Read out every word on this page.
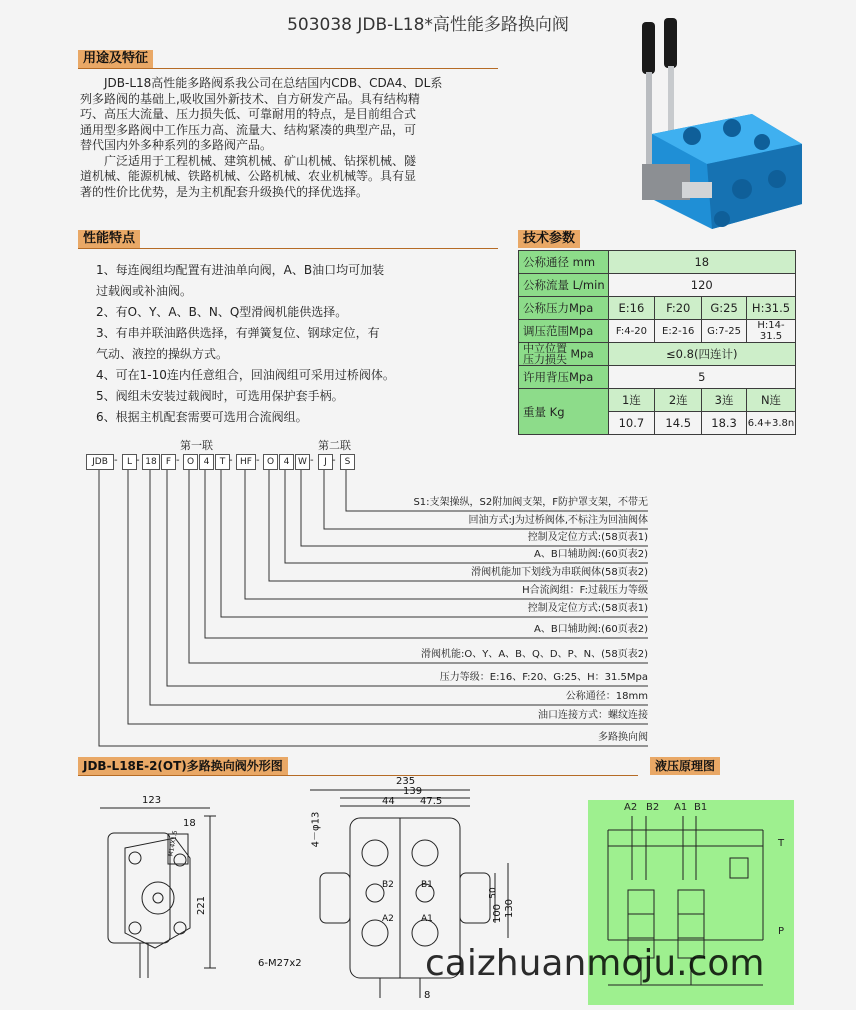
503038 JDB-L18*高性能多路换向阀
用途及特征
　　JDB-L18高性能多路阀系我公司在总结国内CDB、CDA4、DL系
列多路阀的基础上,吸收国外新技术、自方研发产品。具有结构精
巧、高压大流量、压力损失低、可靠耐用的特点，是目前组合式
通用型多路阀中工作压力高、流量大、结构紧凑的典型产品，可
替代国内外多种系列的多路阀产品。
　　广泛适用于工程机械、建筑机械、矿山机械、钻探机械、隧
道机械、能源机械、铁路机械、公路机械、农业机械等。具有显
著的性价比优势，是为主机配套升级换代的择优选择。
性能特点
1、每连阀组均配置有进油单向阀，A、B油口均可加装
过载阀或补油阀。
2、有O、Y、A、B、N、Q型滑阀机能供选择。
3、有串并联油路供选择，有弹簧复位、钢球定位，有
气动、液控的操纵方式。
4、可在1-10连内任意组合，回油阀组可采用过桥阀体。
5、阀组未安装过载阀时，可选用保护套手柄。
6、根据主机配套需要可选用合流阀组。
技术参数
公称通径 mm	18			
公称流量 L/min	120			
公称压力Mpa	E:16	F:20	G:25	H:31.5
调压范围Mpa	F:4-20	E:2-16	G:7-25	H:14-31.5
中立位置
压力损失 Mpa	≤0.8(四连计)			
许用背压Mpa	5			
重量 Kg	1连	2连	3连	N连
	10.7	14.5	18.3	6.4+3.8n
第一联	第二联
JDB -	L - 18	F - O	4	T - HF - O	4 W -	J -	S
S1:支架操纵，S2附加阀支架，F防护罩支架，不带无
回油方式:J为过桥阀体,不标注为回油阀体
控制及定位方式:(58页表1)
A、B口辅助阀:(60页表2)
滑阀机能加下划线为串联阀体(58页表2)
H合流阀组：F:过载压力等级
控制及定位方式:(58页表1)
A、B口辅助阀:(60页表2)
滑阀机能:O、Y、A、B、Q、D、P、N、(58页表2)
压力等级：E:16、F:20、G:25、H：31.5Mpa
公称通径：18mm
油口连接方式：螺纹连接
多路换向阀
JDB-L18E-2(OT)多路换向阀外形图
123
18
221
235
139
44	47.5
4－φ13
100 130
50
6-M27x2
8
B2	B1
A2	A1
M14X1.5
液压原理图
A2 B2 A1 B1
T
P
caizhuanmoju.com
